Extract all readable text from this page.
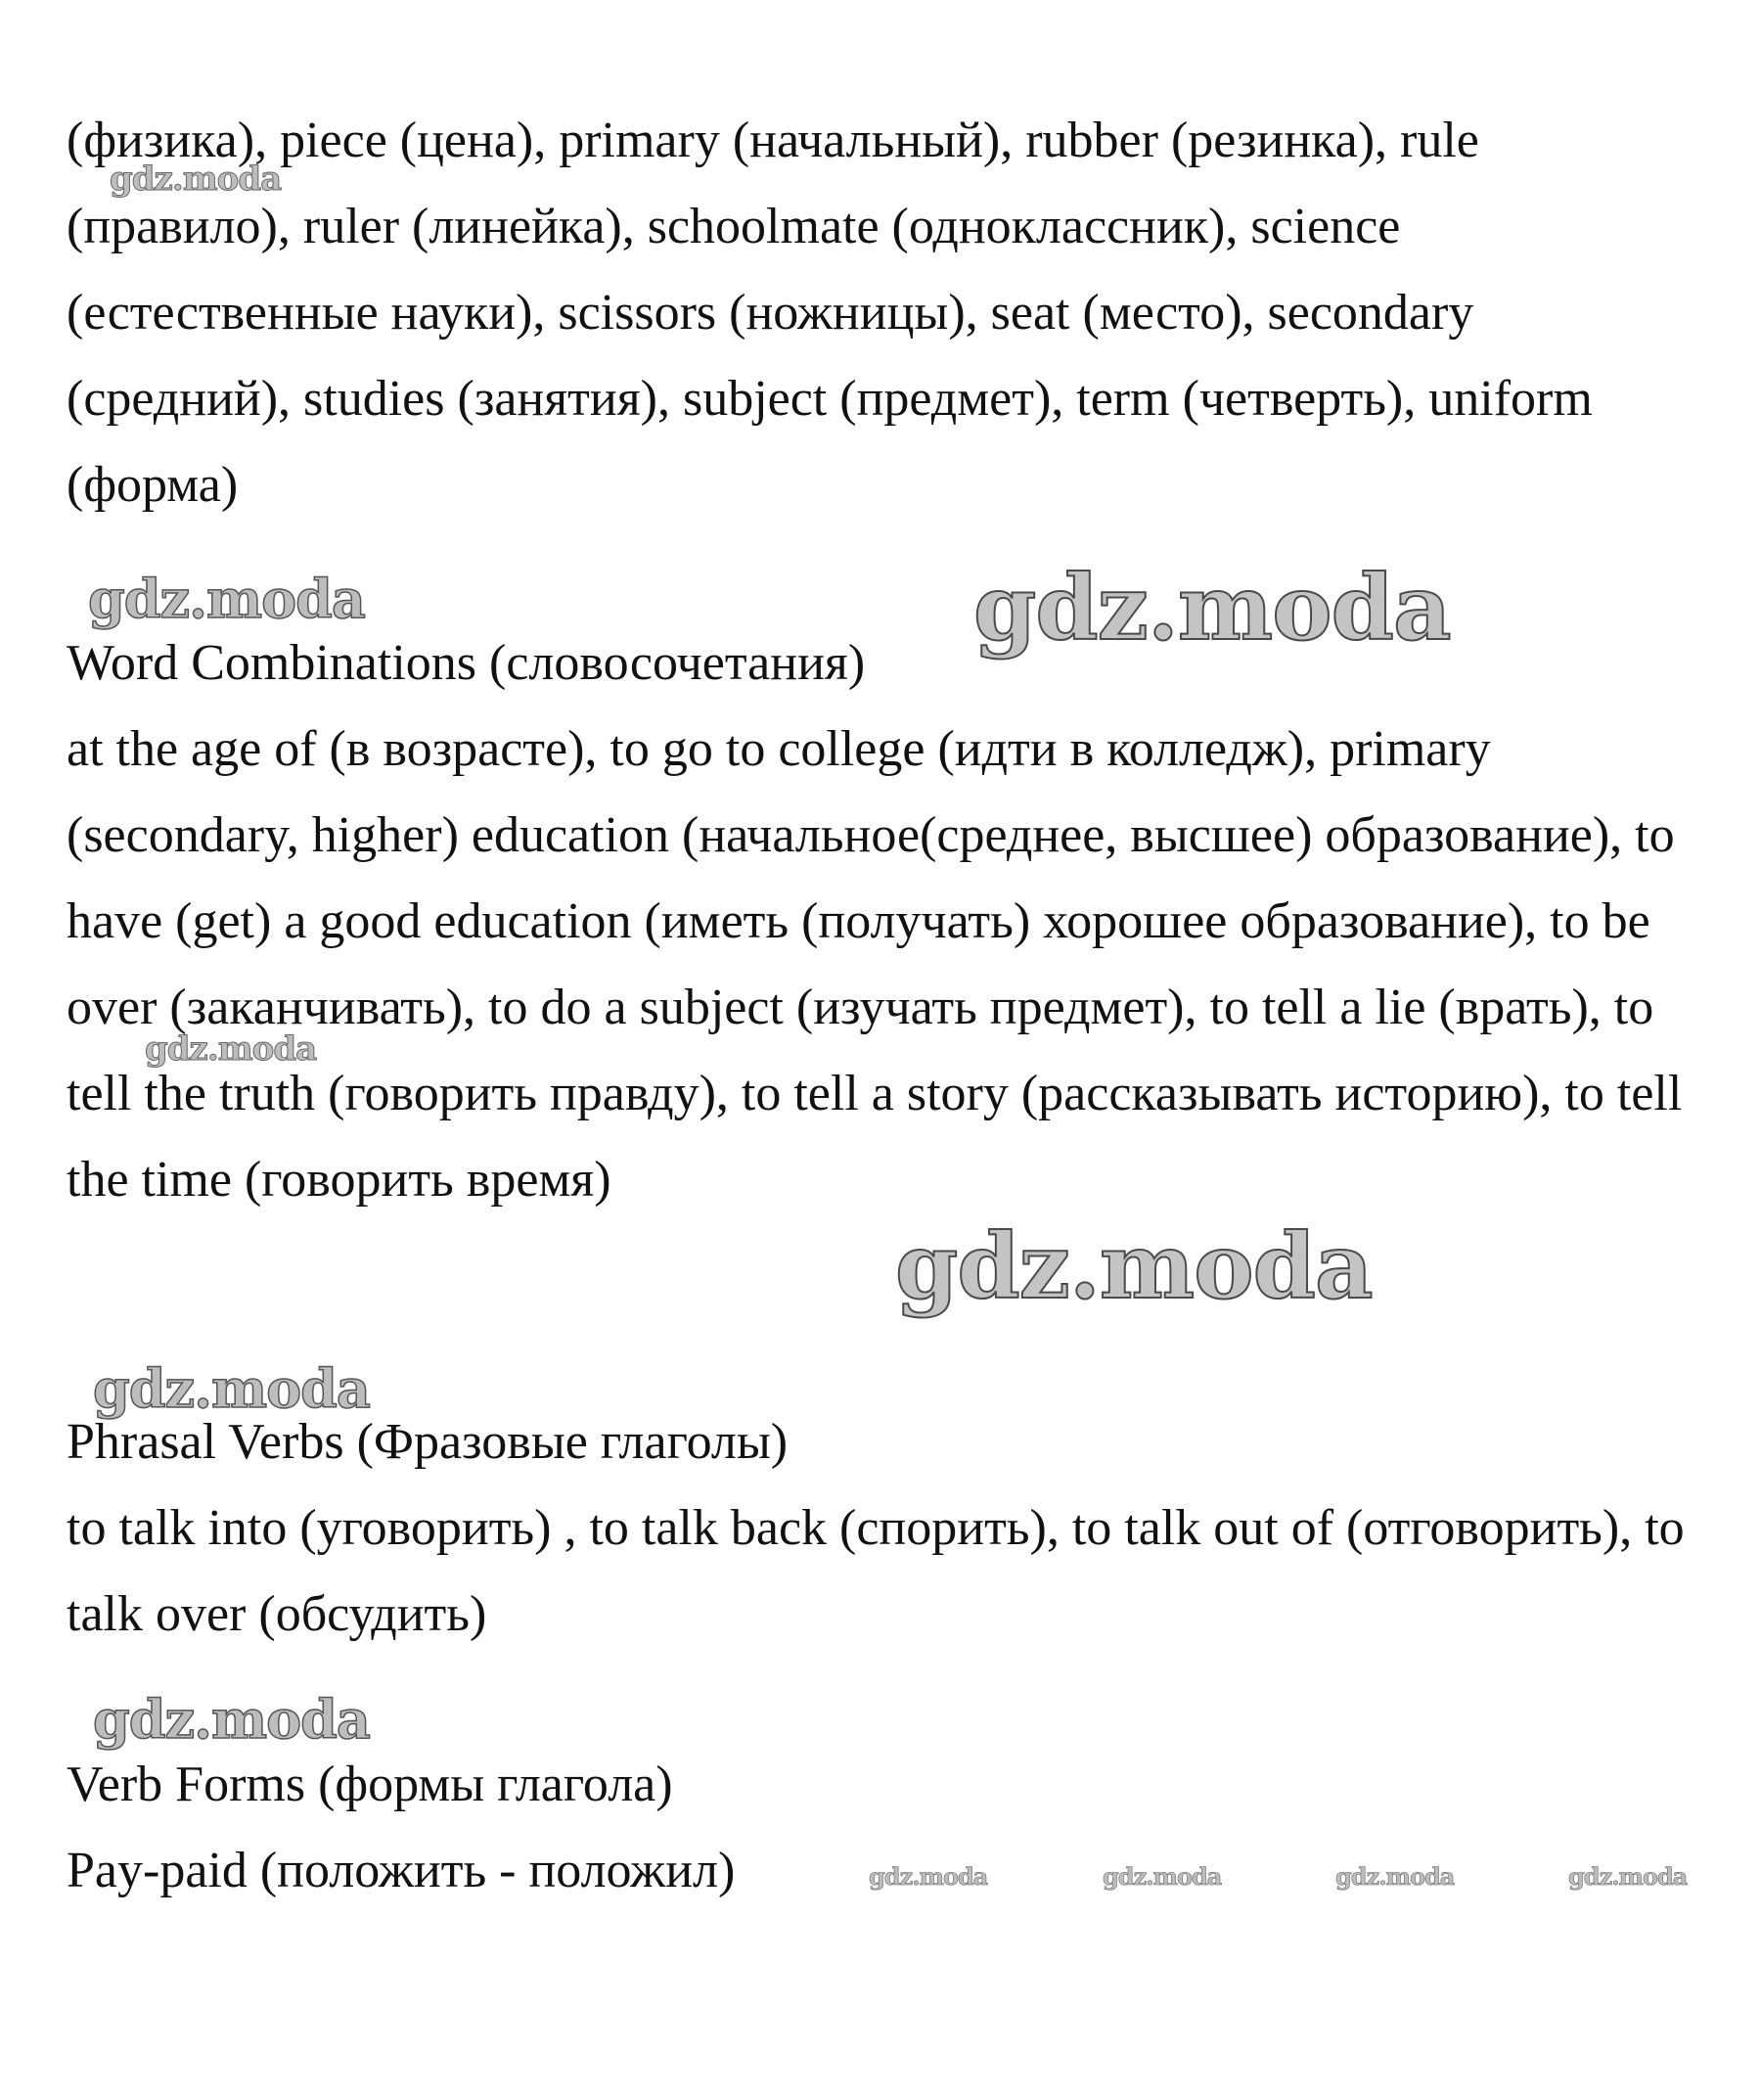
(физика), piece (цена), primary (начальный), rubber (резинка), rule (правило), ruler (линейка), schoolmate (одноклассник), science (естественные науки), scissors (ножницы), seat (место), secondary (средний), studies (занятия), subject (предмет), term (четверть), uniform (форма)

Word Combinations (словосочетания)
at the age of (в возрасте), to go to college (идти в колледж), primary (secondary, higher) education (начальное(среднее, высшее) образование), to have (get) a good education (иметь (получать) хорошее образование), to be over (заканчивать), to do a subject (изучать предмет), to tell a lie (врать), to tell the truth (говорить правду), to tell a story (рассказывать историю), to tell the time (говорить время)
Phrasal Verbs (Фразовые глаголы)
to talk into (уговорить) , to talk back (спорить), to talk out of (отговорить), to talk over (обсудить)
Verb Forms (формы глагола)
Pay-paid (положить - положил)
gdz.moda
gdz.moda	gdz.moda
gdz.moda
gdz.moda
gdz.moda
gdz.moda
gdz.moda	gdz.moda	gdz.moda	gdz.moda
